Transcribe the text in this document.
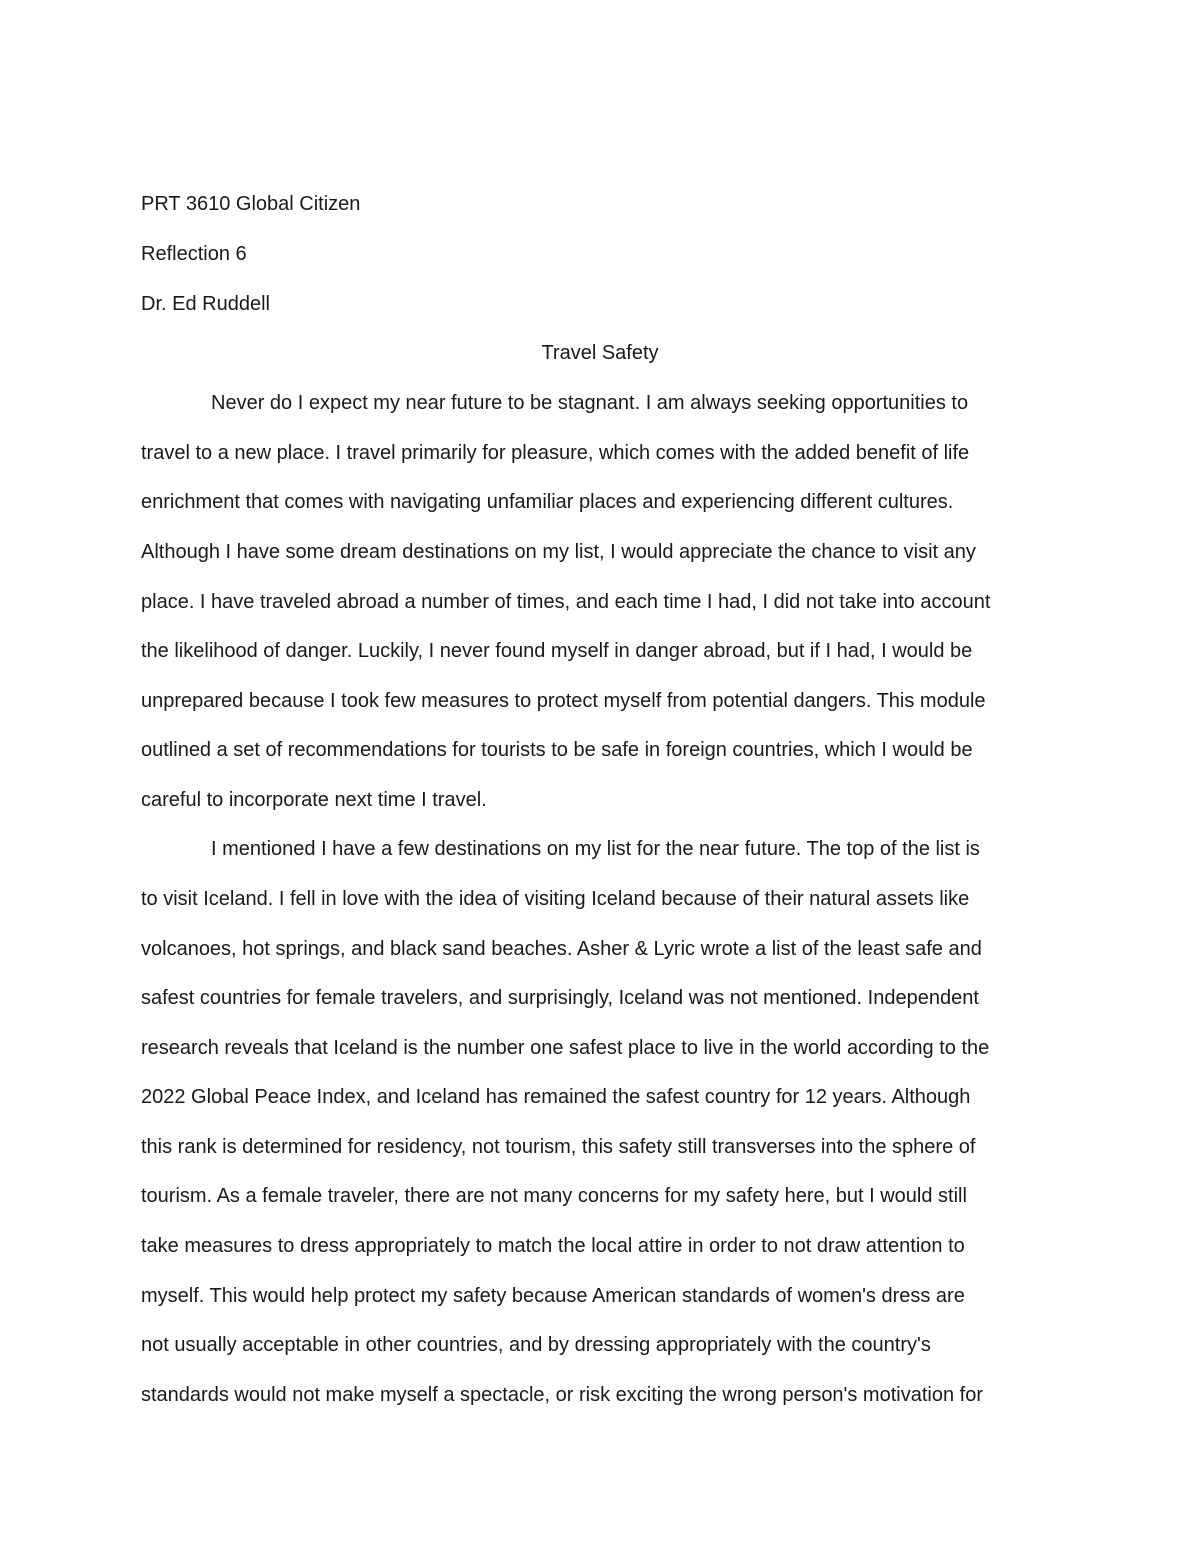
PRT 3610 Global Citizen
Reflection 6
Dr. Ed Ruddell
Travel Safety
Never do I expect my near future to be stagnant. I am always seeking opportunities to
travel to a new place. I travel primarily for pleasure, which comes with the added benefit of life
enrichment that comes with navigating unfamiliar places and experiencing different cultures.
Although I have some dream destinations on my list, I would appreciate the chance to visit any
place. I have traveled abroad a number of times, and each time I had, I did not take into account
the likelihood of danger. Luckily, I never found myself in danger abroad, but if I had, I would be
unprepared because I took few measures to protect myself from potential dangers. This module
outlined a set of recommendations for tourists to be safe in foreign countries, which I would be
careful to incorporate next time I travel.
I mentioned I have a few destinations on my list for the near future. The top of the list is
to visit Iceland. I fell in love with the idea of visiting Iceland because of their natural assets like
volcanoes, hot springs, and black sand beaches. Asher & Lyric wrote a list of the least safe and
safest countries for female travelers, and surprisingly, Iceland was not mentioned. Independent
research reveals that Iceland is the number one safest place to live in the world according to the
2022 Global Peace Index, and Iceland has remained the safest country for 12 years. Although
this rank is determined for residency, not tourism, this safety still transverses into the sphere of
tourism. As a female traveler, there are not many concerns for my safety here, but I would still
take measures to dress appropriately to match the local attire in order to not draw attention to
myself. This would help protect my safety because American standards of women's dress are
not usually acceptable in other countries, and by dressing appropriately with the country's
standards would not make myself a spectacle, or risk exciting the wrong person's motivation for
